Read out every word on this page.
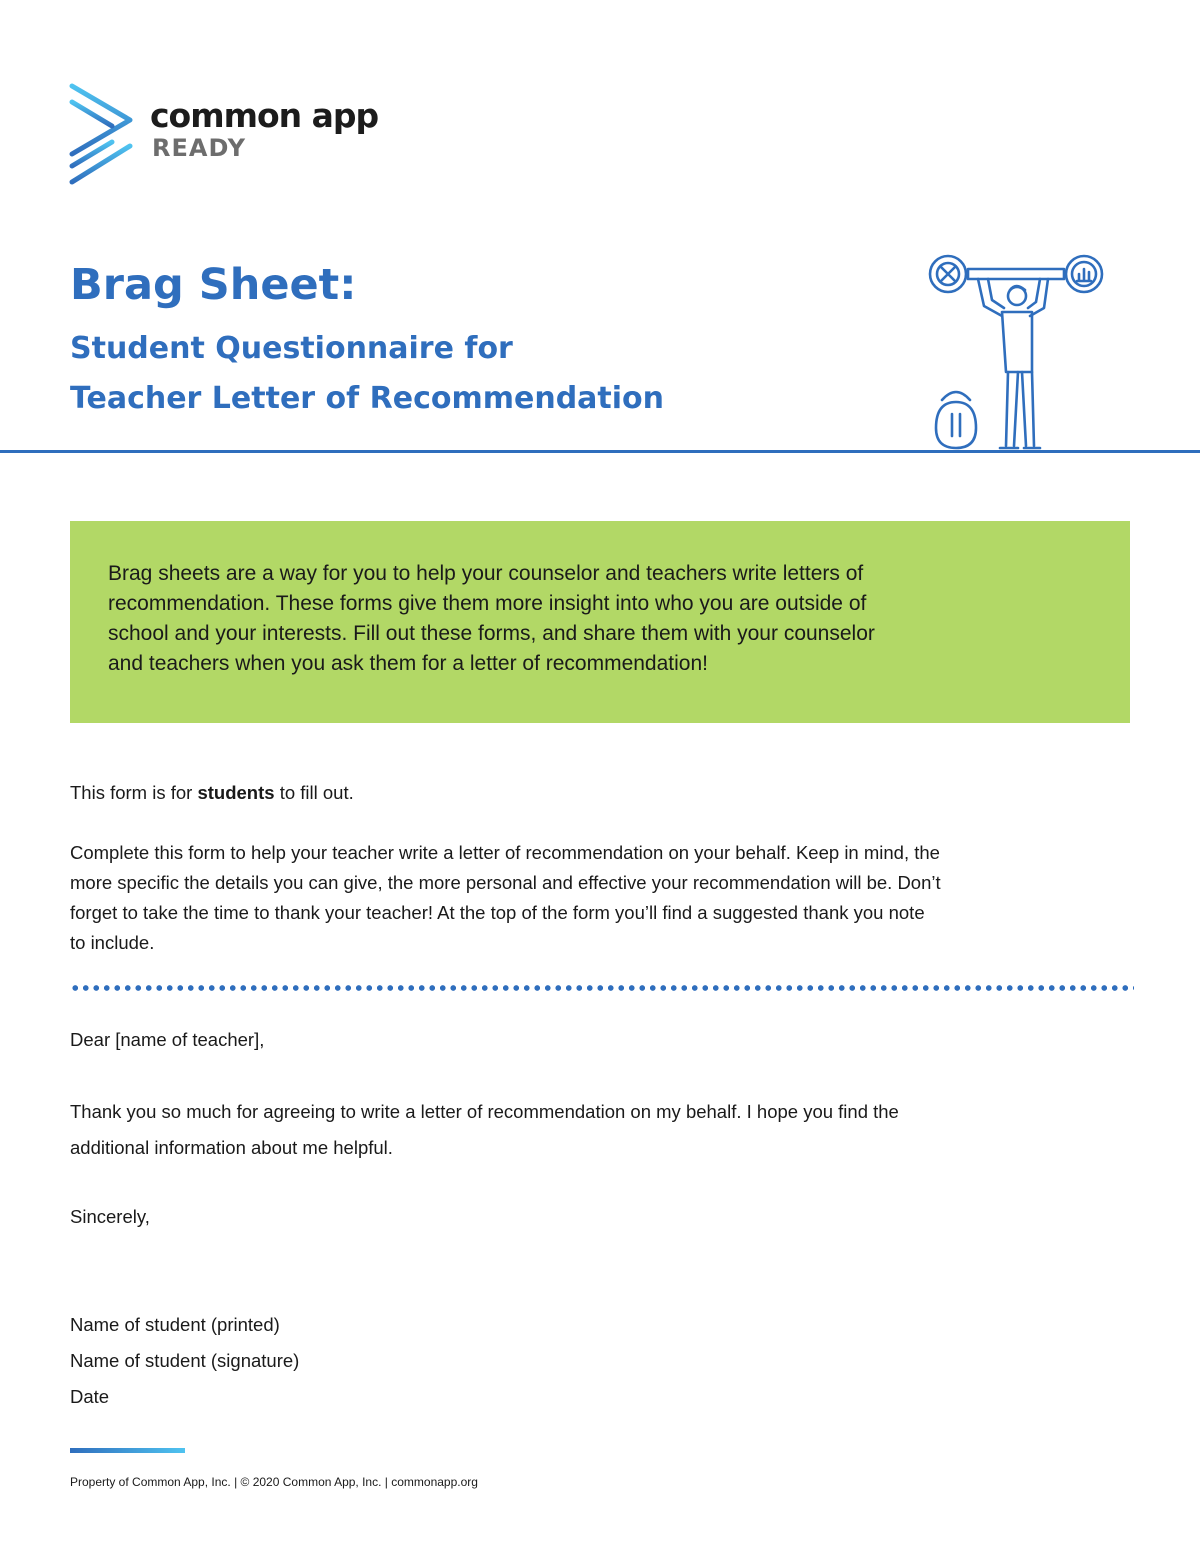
common app
READY
Brag Sheet:
Student Questionnaire for
Teacher Letter of Recommendation

Brag sheets are a way for you to help your counselor and teachers write letters of
recommendation. These forms give them more insight into who you are outside of
school and your interests. Fill out these forms, and share them with your counselor
and teachers when you ask them for a letter of recommendation!

This form is for students to fill out.

Complete this form to help your teacher write a letter of recommendation on your behalf. Keep in mind, the
more specific the details you can give, the more personal and effective your recommendation will be. Don’t
forget to take the time to thank your teacher! At the top of the form you’ll find a suggested thank you note
to include.

Dear [name of teacher],

Thank you so much for agreeing to write a letter of recommendation on my behalf. I hope you find the
additional information about me helpful.

Sincerely,

Name of student (printed)
Name of student (signature)
Date

Property of Common App, Inc. | © 2020 Common App, Inc. | commonapp.org
